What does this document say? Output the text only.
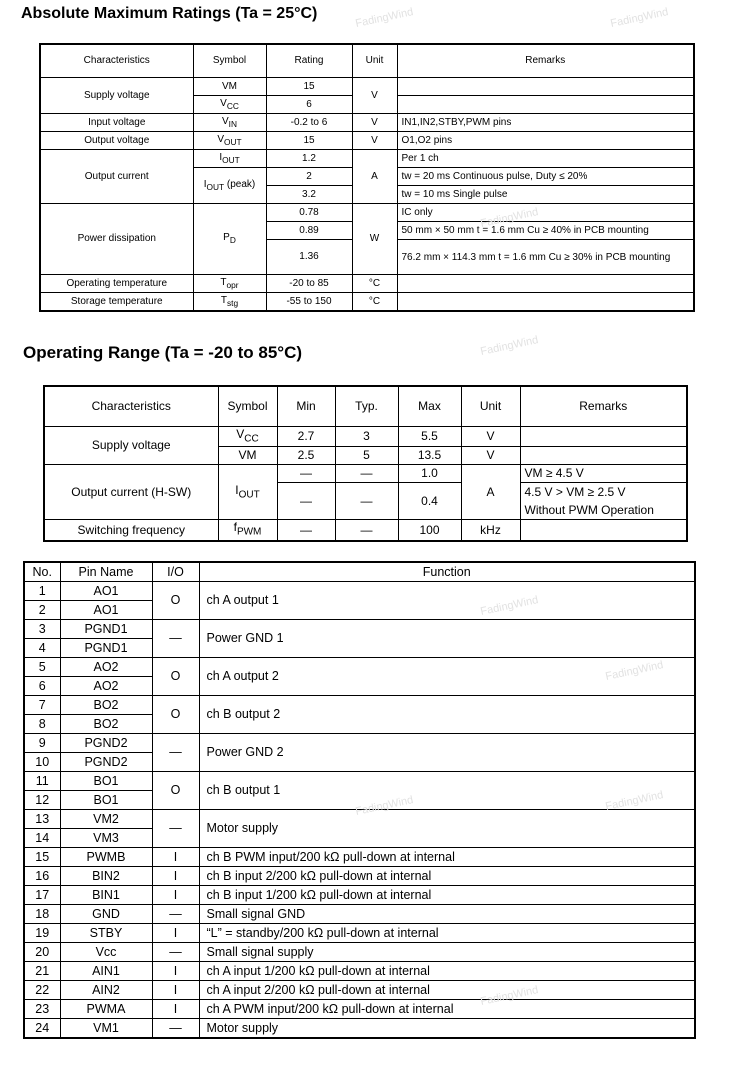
Absolute Maximum Ratings (Ta = 25°C)
Characteristics	Symbol	Rating	Unit	Remarks
Supply voltage	VM	15	V	
	$V_{CC}$	6		
Input voltage	$V_{IN}$	-0.2 to 6	V	IN1,IN2,STBY,PWM pins
Output voltage	$V_{OUT}$	15	V	O1,O2 pins
Output current	$I_{OUT}$	1.2	A	Per 1 ch
	$I_{OUT}$ (peak)	2		tw = 20 ms Continuous pulse, Duty ≤ 20%
		3.2		tw = 10 ms Single pulse
Power dissipation	$P_D$	0.78	W	IC only
		0.89		50 mm × 50 mm t = 1.6 mm Cu ≥ 40% in PCB mounting
		1.36		76.2 mm × 114.3 mm t = 1.6 mm Cu ≥ 30% in PCB mounting
Operating temperature	$T_{opr}$	-20 to 85	°C	
Storage temperature	$T_{stg}$	-55 to 150	°C	
Operating Range (Ta = -20 to 85°C)
Characteristics	Symbol	Min	Typ.	Max	Unit	Remarks
Supply voltage	$V_{CC}$	2.7	3	5.5	V	
	VM	2.5	5	13.5	V	
Output current (H-SW)	$I_{OUT}$	—	—	1.0	A	VM ≥ 4.5 V
		—	—	0.4		4.5 V > VM ≥ 2.5 V
Without PWM Operation
Switching frequency	$f_{PWM}$	—	—	100	kHz	
No.	Pin Name	I/O	Function
1	AO1	O	ch A output 1
2	AO1		
3	PGND1	—	Power GND 1
4	PGND1		
5	AO2	O	ch A output 2
6	AO2		
7	BO2	O	ch B output 2
8	BO2		
9	PGND2	—	Power GND 2
10	PGND2		
11	BO1	O	ch B output 1
12	BO1		
13	VM2	—	Motor supply
14	VM3		
15	PWMB	I	ch B PWM input/200 kΩ pull-down at internal
16	BIN2	I	ch B input 2/200 kΩ pull-down at internal
17	BIN1	I	ch B input 1/200 kΩ pull-down at internal
18	GND	—	Small signal GND
19	STBY	I	“L” = standby/200 kΩ pull-down at internal
20	Vcc	—	Small signal supply
21	AIN1	I	ch A input 1/200 kΩ pull-down at internal
22	AIN2	I	ch A input 2/200 kΩ pull-down at internal
23	PWMA	I	ch A PWM input/200 kΩ pull-down at internal
24	VM1	—	Motor supply
FadingWind	FadingWind
FadingWind
FadingWind
FadingWind
FadingWind
FadingWind	FadingWind
FadingWind
